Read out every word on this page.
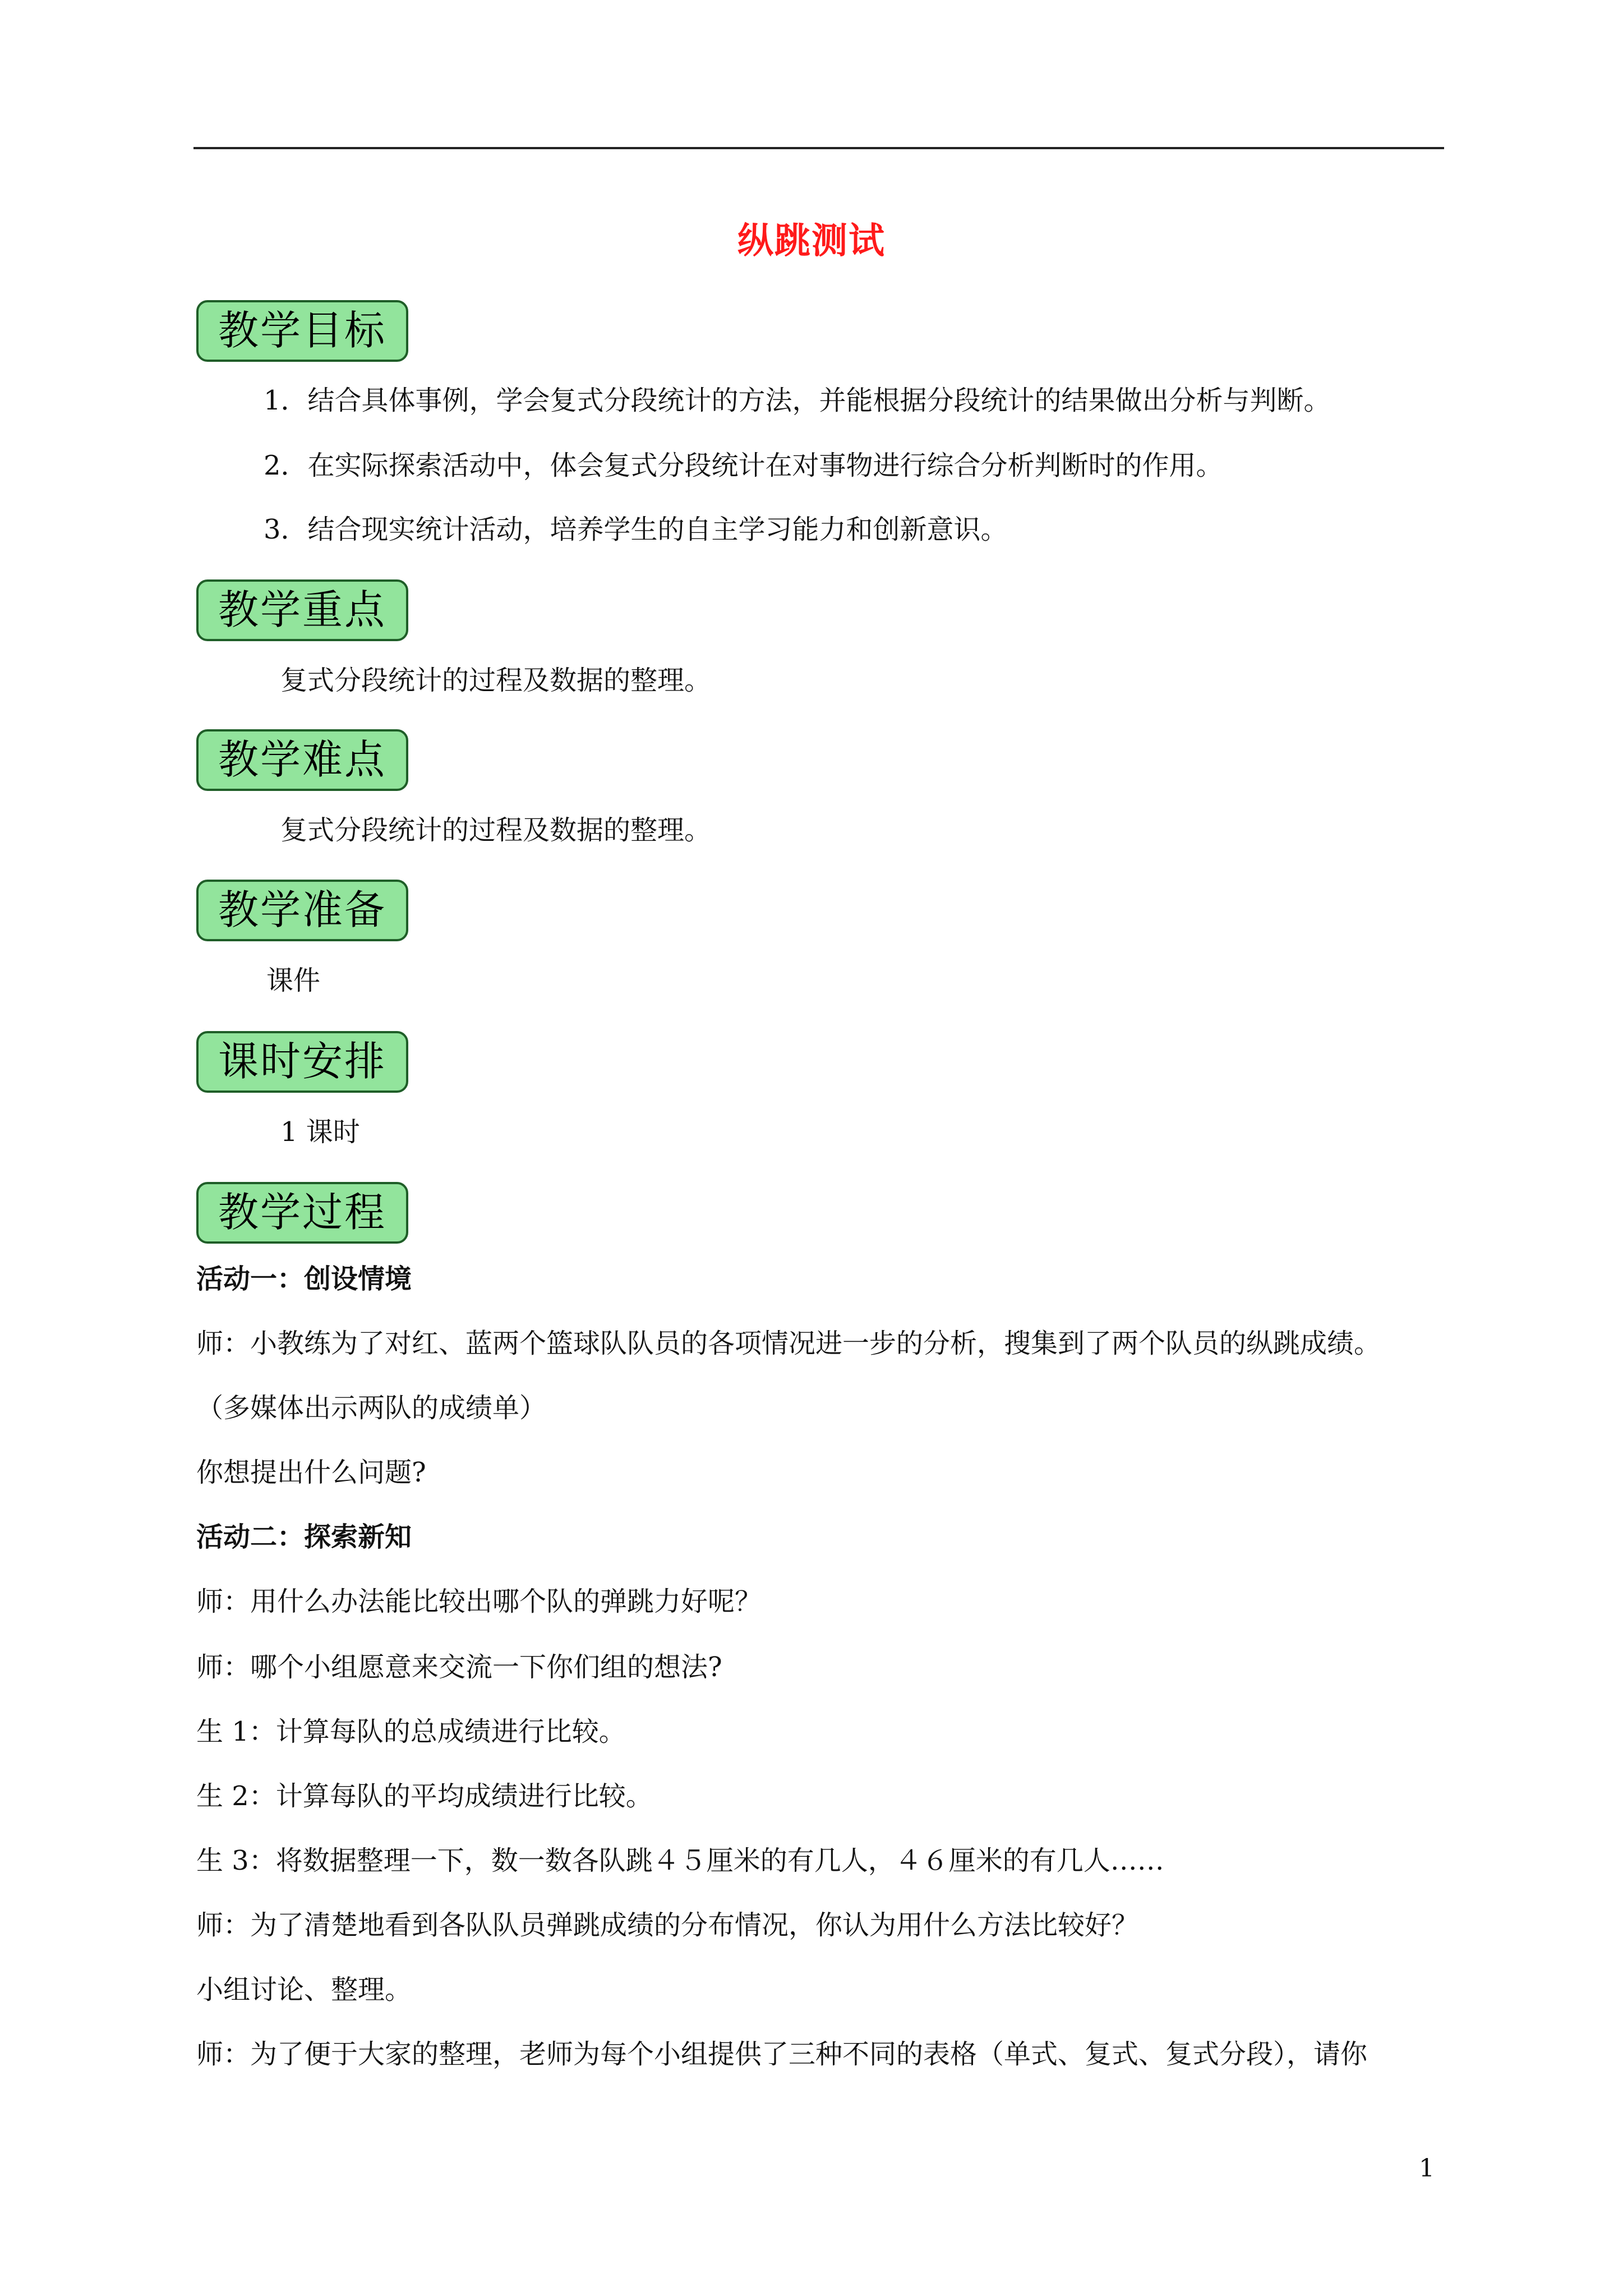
纵跳测试
教学目标
1．结合具体事例，学会复式分段统计的方法，并能根据分段统计的结果做出分析与判断。
2．在实际探索活动中，体会复式分段统计在对事物进行综合分析判断时的作用。
3．结合现实统计活动，培养学生的自主学习能力和创新意识。
教学重点
复式分段统计的过程及数据的整理。
教学难点
复式分段统计的过程及数据的整理。
教学准备
课件
课时安排
1 课时
教学过程
活动一：创设情境
师：小教练为了对红、蓝两个篮球队队员的各项情况进一步的分析，搜集到了两个队员的纵跳成绩。
（多媒体出示两队的成绩单）
你想提出什么问题?
活动二：探索新知
师：用什么办法能比较出哪个队的弹跳力好呢？
师：哪个小组愿意来交流一下你们组的想法?
生 1：计算每队的总成绩进行比较。
生 2：计算每队的平均成绩进行比较。
生 3：将数据整理一下，数一数各队跳４５厘米的有几人，４６厘米的有几人……
师：为了清楚地看到各队队员弹跳成绩的分布情况，你认为用什么方法比较好？
小组讨论、整理。
师：为了便于大家的整理，老师为每个小组提供了三种不同的表格（单式、复式、复式分段），请你
1
